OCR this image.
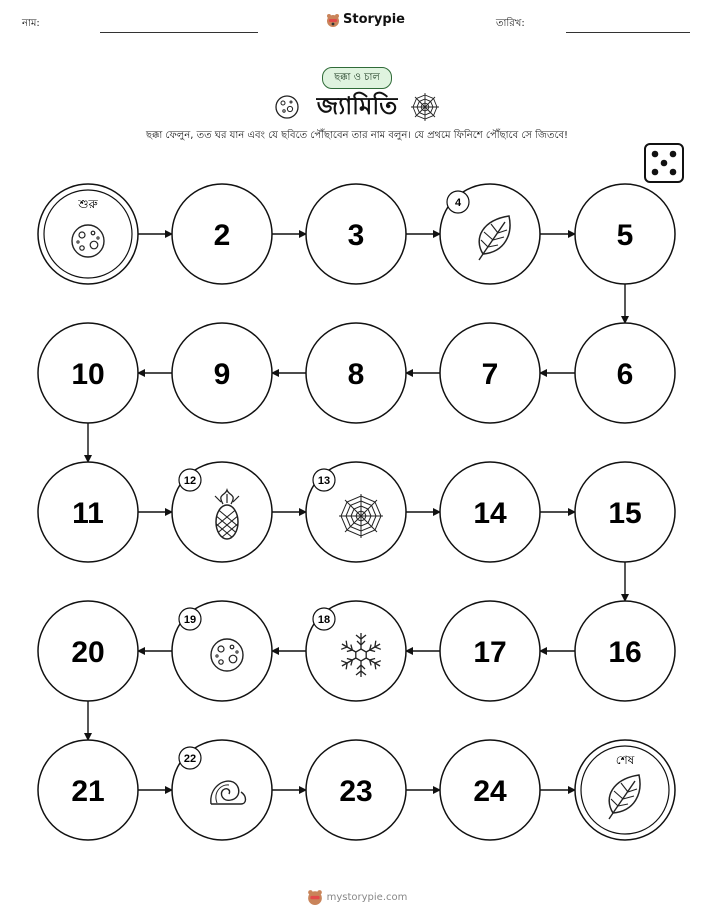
নাম:	Storypie	তারিখ:
ছক্কা ও চাল
জ্যামিতি
ছক্কা ফেলুন, তত ঘর যান এবং যে ছবিতে পৌঁছাবেন তার নাম বলুন। যে প্রথমে ফিনিশে পৌঁছাবে সে জিতবে!
শুরু
2	3
4
5
10	9	8	7	6
11
12	13
14	15
20
19	18
17	16
21
22
23	24
শেষ
mystorypie.com
